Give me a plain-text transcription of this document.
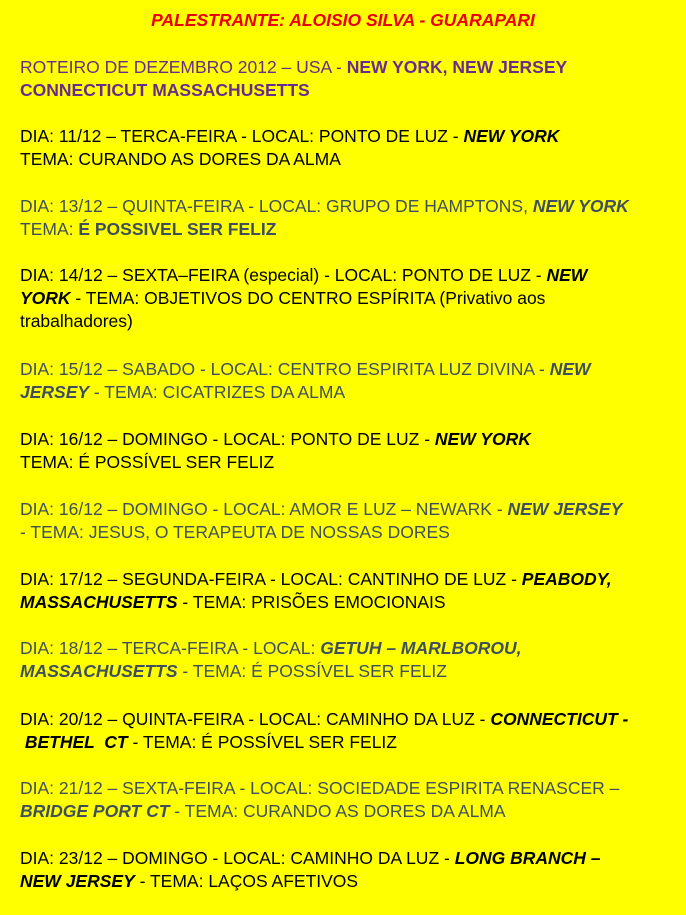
PALESTRANTE: ALOISIO SILVA - GUARAPARI
ROTEIRO DE DEZEMBRO 2012 – USA - NEW YORK, NEW JERSEY
CONNECTICUT MASSACHUSETTS
DIA: 11/12 – TERCA-FEIRA - LOCAL: PONTO DE LUZ - NEW YORK
TEMA: CURANDO AS DORES DA ALMA
DIA: 13/12 – QUINTA-FEIRA - LOCAL: GRUPO DE HAMPTONS, NEW YORK
TEMA: É POSSIVEL SER FELIZ
DIA: 14/12 – SEXTA–FEIRA (especial) - LOCAL: PONTO DE LUZ - NEW
YORK - TEMA: OBJETIVOS DO CENTRO ESPÍRITA (Privativo aos
trabalhadores)
DIA: 15/12 – SABADO - LOCAL: CENTRO ESPIRITA LUZ DIVINA - NEW
JERSEY - TEMA: CICATRIZES DA ALMA
DIA: 16/12 – DOMINGO - LOCAL: PONTO DE LUZ - NEW YORK
TEMA: É POSSÍVEL SER FELIZ
DIA: 16/12 – DOMINGO - LOCAL: AMOR E LUZ – NEWARK - NEW JERSEY
- TEMA: JESUS, O TERAPEUTA DE NOSSAS DORES
DIA: 17/12 – SEGUNDA-FEIRA - LOCAL: CANTINHO DE LUZ - PEABODY,
MASSACHUSETTS - TEMA: PRISÕES EMOCIONAIS
DIA: 18/12 – TERCA-FEIRA - LOCAL: GETUH – MARLBOROU,
MASSACHUSETTS - TEMA: É POSSÍVEL SER FELIZ
DIA: 20/12 – QUINTA-FEIRA - LOCAL: CAMINHO DA LUZ - CONNECTICUT -
BETHEL  CT - TEMA: É POSSÍVEL SER FELIZ
DIA: 21/12 – SEXTA-FEIRA - LOCAL: SOCIEDADE ESPIRITA RENASCER –
BRIDGE PORT CT - TEMA: CURANDO AS DORES DA ALMA
DIA: 23/12 – DOMINGO - LOCAL: CAMINHO DA LUZ - LONG BRANCH –
NEW JERSEY - TEMA: LAÇOS AFETIVOS
